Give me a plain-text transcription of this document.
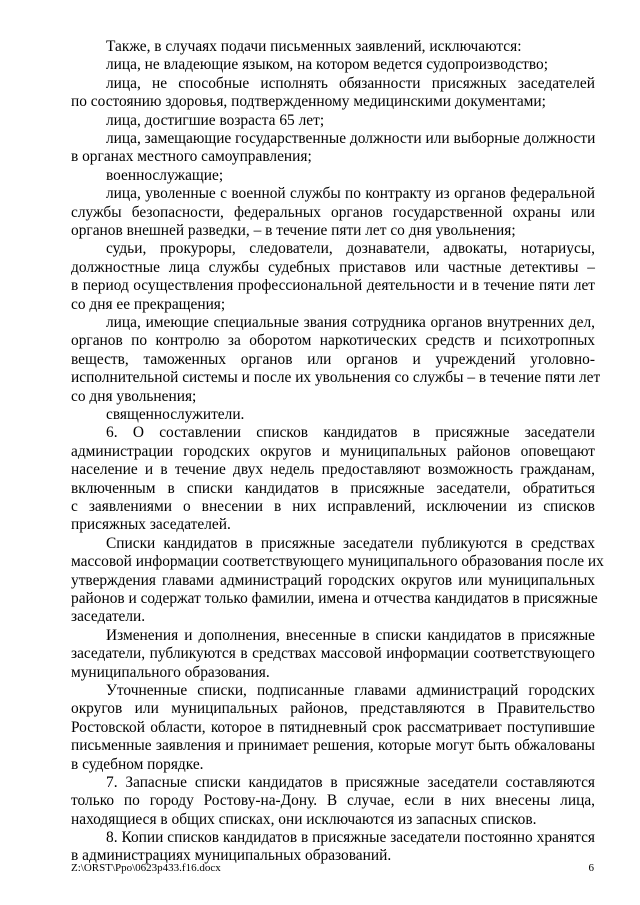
Также, в случаях подачи письменных заявлений, исключаются:
лица, не владеющие языком, на котором ведется судопроизводство;
лица, не способные исполнять обязанности присяжных заседателей
по состоянию здоровья, подтвержденному медицинскими документами;
лица, достигшие возраста 65 лет;
лица, замещающие государственные должности или выборные должности
в органах местного самоуправления;
военнослужащие;
лица, уволенные с военной службы по контракту из органов федеральной
службы безопасности, федеральных органов государственной охраны или
органов внешней разведки, – в течение пяти лет со дня увольнения;
судьи, прокуроры, следователи, дознаватели, адвокаты, нотариусы,
должностные лица службы судебных приставов или частные детективы –
в период осуществления профессиональной деятельности и в течение пяти лет
со дня ее прекращения;
лица, имеющие специальные звания сотрудника органов внутренних дел,
органов по контролю за оборотом наркотических средств и психотропных
веществ, таможенных органов или органов и учреждений уголовно-
исполнительной системы и после их увольнения со службы – в течение пяти лет
со дня увольнения;
священнослужители.
6. О составлении списков кандидатов в присяжные заседатели
администрации городских округов и муниципальных районов оповещают
население и в течение двух недель предоставляют возможность гражданам,
включенным в списки кандидатов в присяжные заседатели, обратиться
с заявлениями о внесении в них исправлений, исключении из списков
присяжных заседателей.
Списки кандидатов в присяжные заседатели публикуются в средствах
массовой информации соответствующего муниципального образования после их
утверждения главами администраций городских округов или муниципальных
районов и содержат только фамилии, имена и отчества кандидатов в присяжные
заседатели.
Изменения и дополнения, внесенные в списки кандидатов в присяжные
заседатели, публикуются в средствах массовой информации соответствующего
муниципального образования.
Уточненные списки, подписанные главами администраций городских
округов или муниципальных районов, представляются в Правительство
Ростовской области, которое в пятидневный срок рассматривает поступившие
письменные заявления и принимает решения, которые могут быть обжалованы
в судебном порядке.
7. Запасные списки кандидатов в присяжные заседатели составляются
только по городу Ростову-на-Дону. В случае, если в них внесены лица,
находящиеся в общих списках, они исключаются из запасных списков.
8. Копии списков кандидатов в присяжные заседатели постоянно хранятся
в администрациях муниципальных образований.
Z:\ORST\Ppo\0623p433.f16.docx	6
